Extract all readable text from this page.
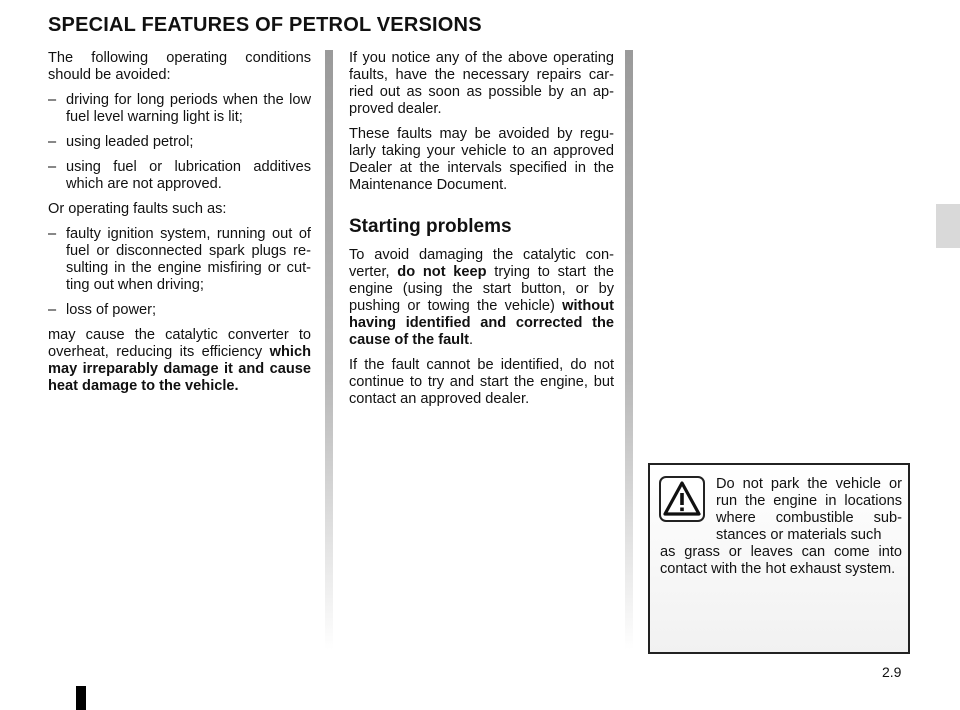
SPECIAL FEATURES OF PETROL VERSIONS

The following operating conditions should be avoided:

– driving for long periods when the low fuel level warning light is lit;
– using leaded petrol;
– using fuel or lubrication additives which are not approved.

Or operating faults such as:

– faulty ignition system, running out of fuel or disconnected spark plugs re-sulting in the engine misfiring or cut-ting out when driving;
– loss of power;

may cause the catalytic converter to overheat, reducing its efficiency which may irreparably damage it and cause heat damage to the vehicle.

If you notice any of the above operating faults, have the necessary repairs car-ried out as soon as possible by an ap-proved dealer.

These faults may be avoided by regu-larly taking your vehicle to an approved Dealer at the intervals specified in the Maintenance Document.

Starting problems

To avoid damaging the catalytic con-verter, do not keep trying to start the engine (using the start button, or by pushing or towing the vehicle) without having identified and corrected the cause of the fault.

If the fault cannot be identified, do not continue to try and start the engine, but contact an approved dealer.

Do not park the vehicle or run the engine in locations where combustible sub-stances or materials such
as grass or leaves can come into contact with the hot exhaust system.
2.9
